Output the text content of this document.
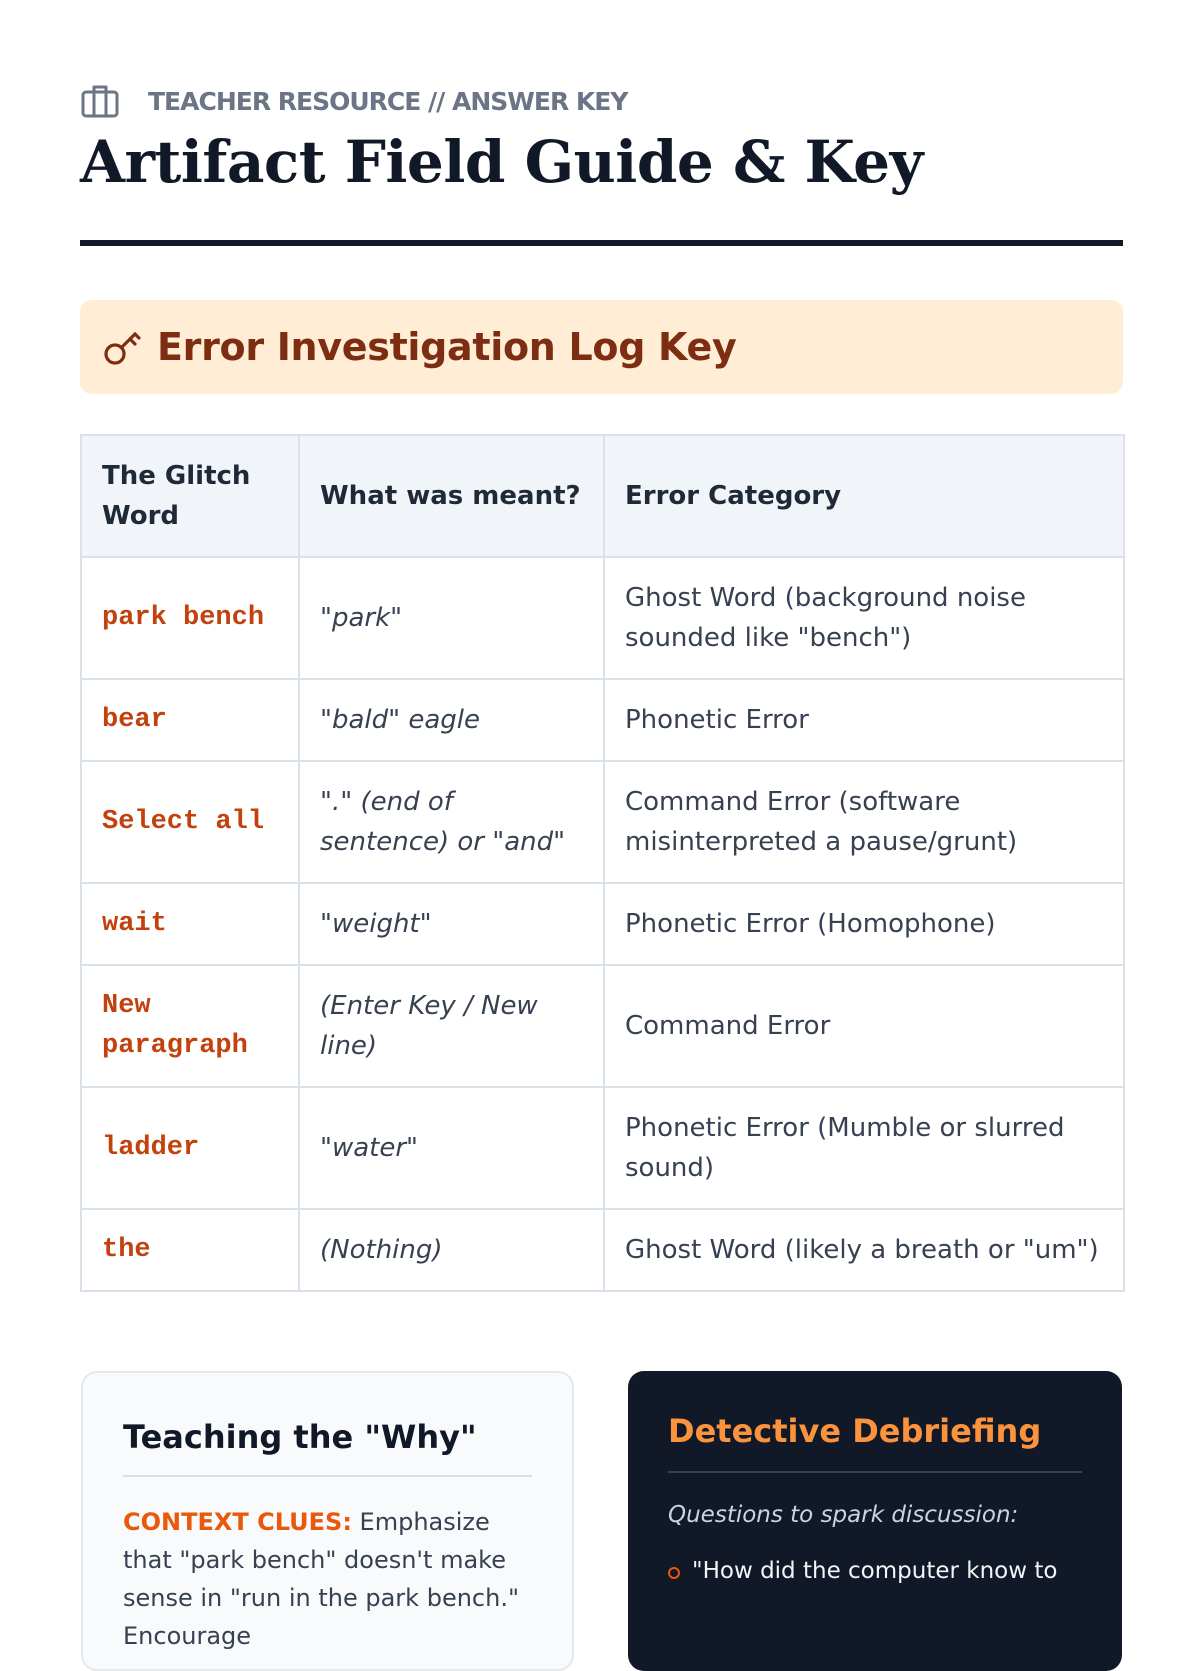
TEACHER RESOURCE // ANSWER KEY
Artifact Field Guide & Key
Error Investigation Log Key
The Glitch Word	What was meant?	Error Category
park bench	"park"	Ghost Word (background noise sounded like "bench")
bear	"bald" eagle	Phonetic Error
Select all	"." (end of sentence) or "and"	Command Error (software misinterpreted a pause/grunt)
wait	"weight"	Phonetic Error (Homophone)
New paragraph	(Enter Key / New line)	Command Error
ladder	"water"	Phonetic Error (Mumble or slurred sound)
the	(Nothing)	Ghost Word (likely a breath or "um")
Teaching the "Why"

CONTEXT CLUES: Emphasize that "park bench" doesn't make sense in "run in the park bench." Encourage

Detective Debriefing

Questions to spark discussion:

"How did the computer know to
